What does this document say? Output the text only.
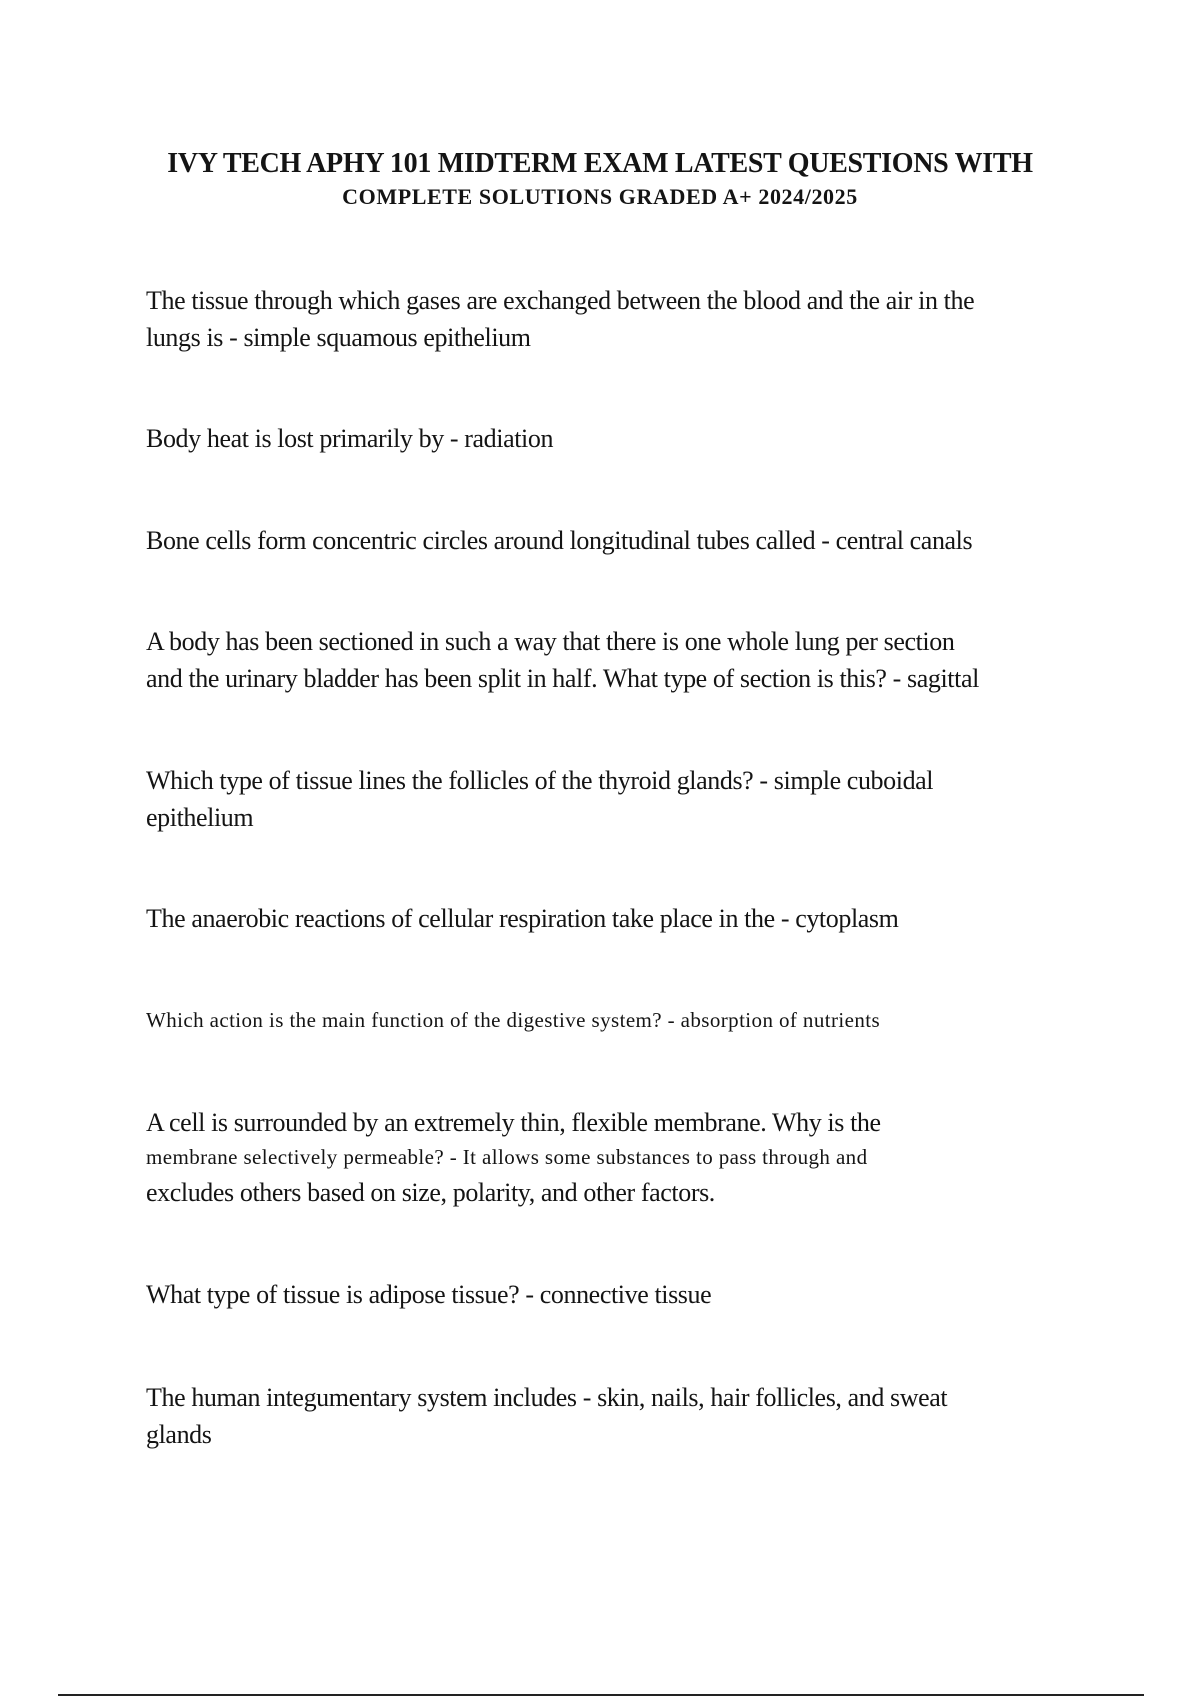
IVY TECH APHY 101 MIDTERM EXAM LATEST QUESTIONS WITH
COMPLETE SOLUTIONS GRADED A+ 2024/2025

The tissue through which gases are exchanged between the blood and the air in the
lungs is - simple squamous epithelium

Body heat is lost primarily by - radiation

Bone cells form concentric circles around longitudinal tubes called - central canals

A body has been sectioned in such a way that there is one whole lung per section
and the urinary bladder has been split in half. What type of section is this? - sagittal

Which type of tissue lines the follicles of the thyroid glands? - simple cuboidal
epithelium

The anaerobic reactions of cellular respiration take place in the - cytoplasm

Which action is the main function of the digestive system? - absorption of nutrients

A cell is surrounded by an extremely thin, flexible membrane. Why is the
membrane selectively permeable? - It allows some substances to pass through and
excludes others based on size, polarity, and other factors.

What type of tissue is adipose tissue? - connective tissue

The human integumentary system includes - skin, nails, hair follicles, and sweat
glands
